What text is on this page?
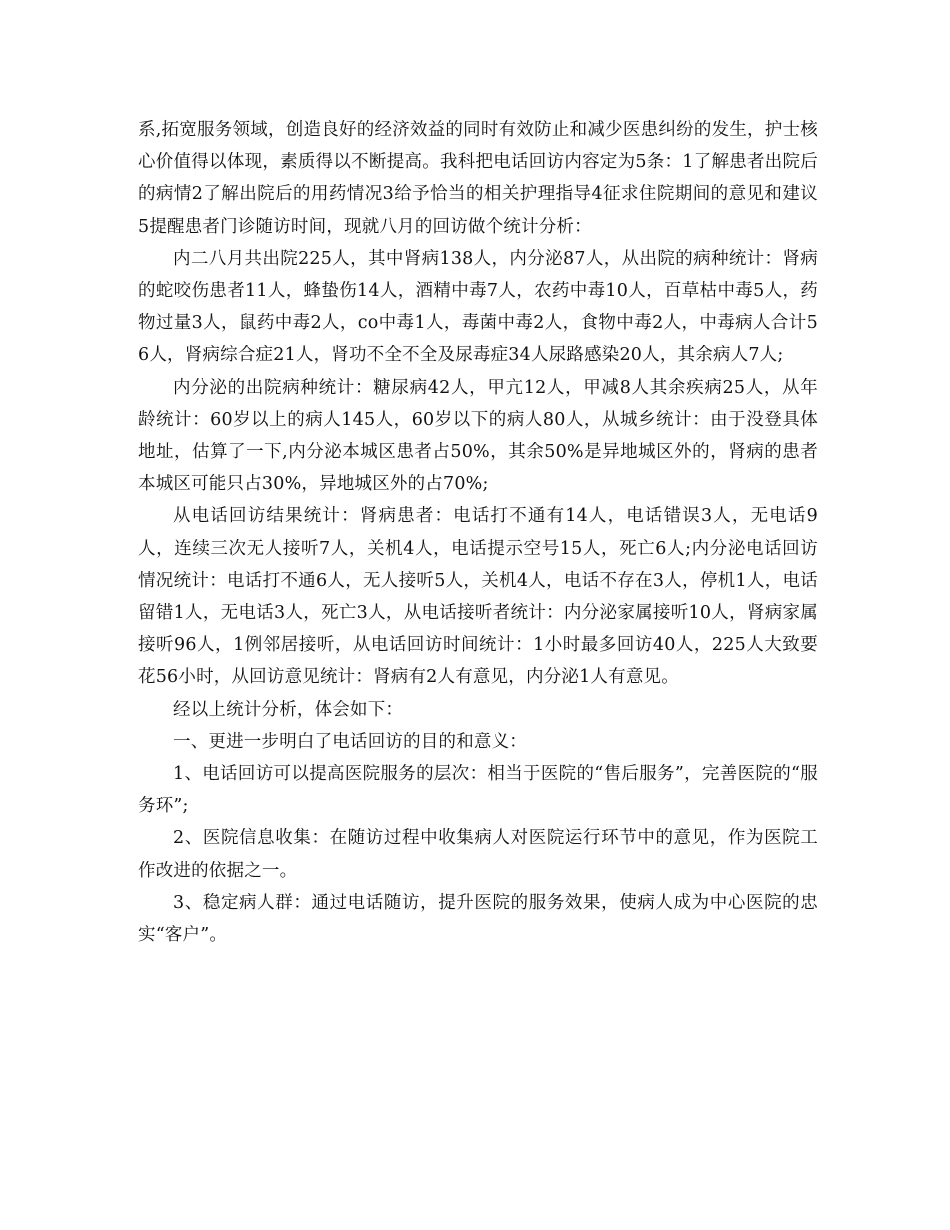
系,拓宽服务领域，创造良好的经济效益的同时有效防止和减少医患纠纷的发生，护士核心价值得以体现，素质得以不断提高。我科把电话回访内容定为5条：1了解患者出院后的病情2了解出院后的用药情况3给予恰当的相关护理指导4征求住院期间的意见和建议5提醒患者门诊随访时间，现就八月的回访做个统计分析：

内二八月共出院225人，其中肾病138人，内分泌87人，从出院的病种统计：肾病的蛇咬伤患者11人，蜂蛰伤14人，酒精中毒7人，农药中毒10人，百草枯中毒5人，药物过量3人，鼠药中毒2人，co中毒1人，毒菌中毒2人，食物中毒2人，中毒病人合计56人，肾病综合症21人，肾功不全不全及尿毒症34人尿路感染20人，其余病人7人;

内分泌的出院病种统计：糖尿病42人，甲亢12人，甲减8人其余疾病25人，从年龄统计：60岁以上的病人145人，60岁以下的病人80人，从城乡统计：由于没登具体地址，估算了一下,内分泌本城区患者占50%，其余50%是异地城区外的，肾病的患者本城区可能只占30%，异地城区外的占70%;

从电话回访结果统计：肾病患者：电话打不通有14人，电话错误3人，无电话9人，连续三次无人接听7人，关机4人，电话提示空号15人，死亡6人;内分泌电话回访情况统计：电话打不通6人，无人接听5人，关机4人，电话不存在3人，停机1人，电话留错1人，无电话3人，死亡3人，从电话接听者统计：内分泌家属接听10人，肾病家属接听96人，1例邻居接听，从电话回访时间统计：1小时最多回访40人，225人大致要花56小时，从回访意见统计：肾病有2人有意见，内分泌1人有意见。

经以上统计分析，体会如下：

一、更进一步明白了电话回访的目的和意义：

1、电话回访可以提高医院服务的层次：相当于医院的“售后服务”，完善医院的“服务环”;

2、医院信息收集：在随访过程中收集病人对医院运行环节中的意见，作为医院工作改进的依据之一。

3、稳定病人群：通过电话随访，提升医院的服务效果，使病人成为中心医院的忠实“客户”。
